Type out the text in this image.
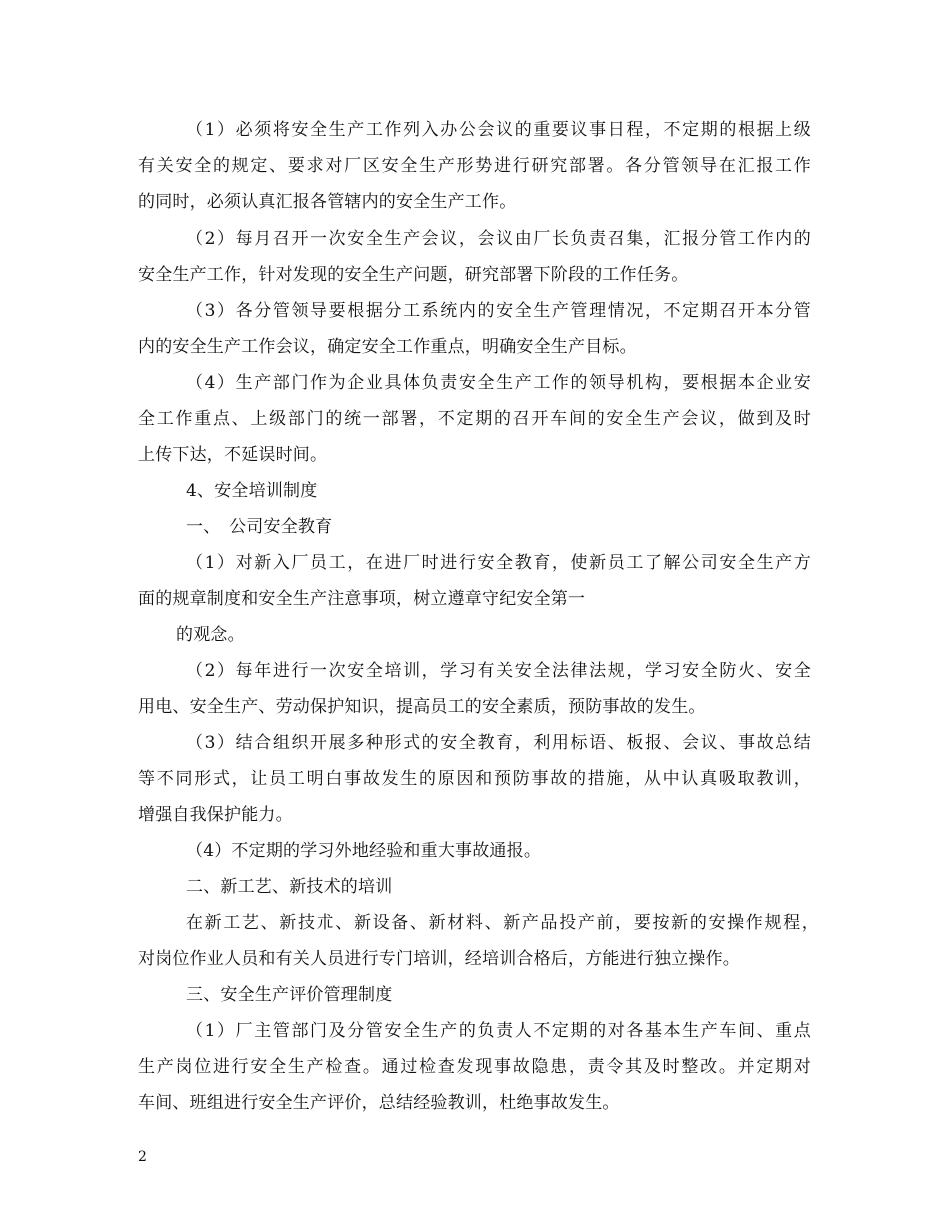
（1）必须将安全生产工作列入办公会议的重要议事日程，不定期的根据上级
有关安全的规定、要求对厂区安全生产形势进行研究部署。各分管领导在汇报工作
的同时，必须认真汇报各管辖内的安全生产工作。
（2）每月召开一次安全生产会议，会议由厂长负责召集，汇报分管工作内的
安全生产工作，针对发现的安全生产问题，研究部署下阶段的工作任务。
（3）各分管领导要根据分工系统内的安全生产管理情况，不定期召开本分管
内的安全生产工作会议，确定安全工作重点，明确安全生产目标。
（4）生产部门作为企业具体负责安全生产工作的领导机构，要根据本企业安
全工作重点、上级部门的统一部署，不定期的召开车间的安全生产会议，做到及时
上传下达，不延误时间。
4、安全培训制度
一、　公司安全教育
（1）对新入厂员工，在进厂时进行安全教育，使新员工了解公司安全生产方
面的规章制度和安全生产注意事项，树立遵章守纪安全第一
的观念。
（2）每年进行一次安全培训，学习有关安全法律法规，学习安全防火、安全
用电、安全生产、劳动保护知识，提高员工的安全素质，预防事故的发生。
（3）结合组织开展多种形式的安全教育，利用标语、板报、会议、事故总结
等不同形式，让员工明白事故发生的原因和预防事故的措施，从中认真吸取教训，
增强自我保护能力。
（4）不定期的学习外地经验和重大事故通报。
二、新工艺、新技术的培训
在新工艺、新技朮、新设备、新材料、新产品投产前，要按新的安操作规程，
对岗位作业人员和有关人员进行专门培训，经培训合格后，方能进行独立操作。
三、安全生产评价管理制度
（1）厂主管部门及分管安全生产的负责人不定期的对各基本生产车间、重点
生产岗位进行安全生产检查。通过检查发现事故隐患，责令其及时整改。并定期对
车间、班组进行安全生产评价，总结经验教训，杜绝事故发生。
2
